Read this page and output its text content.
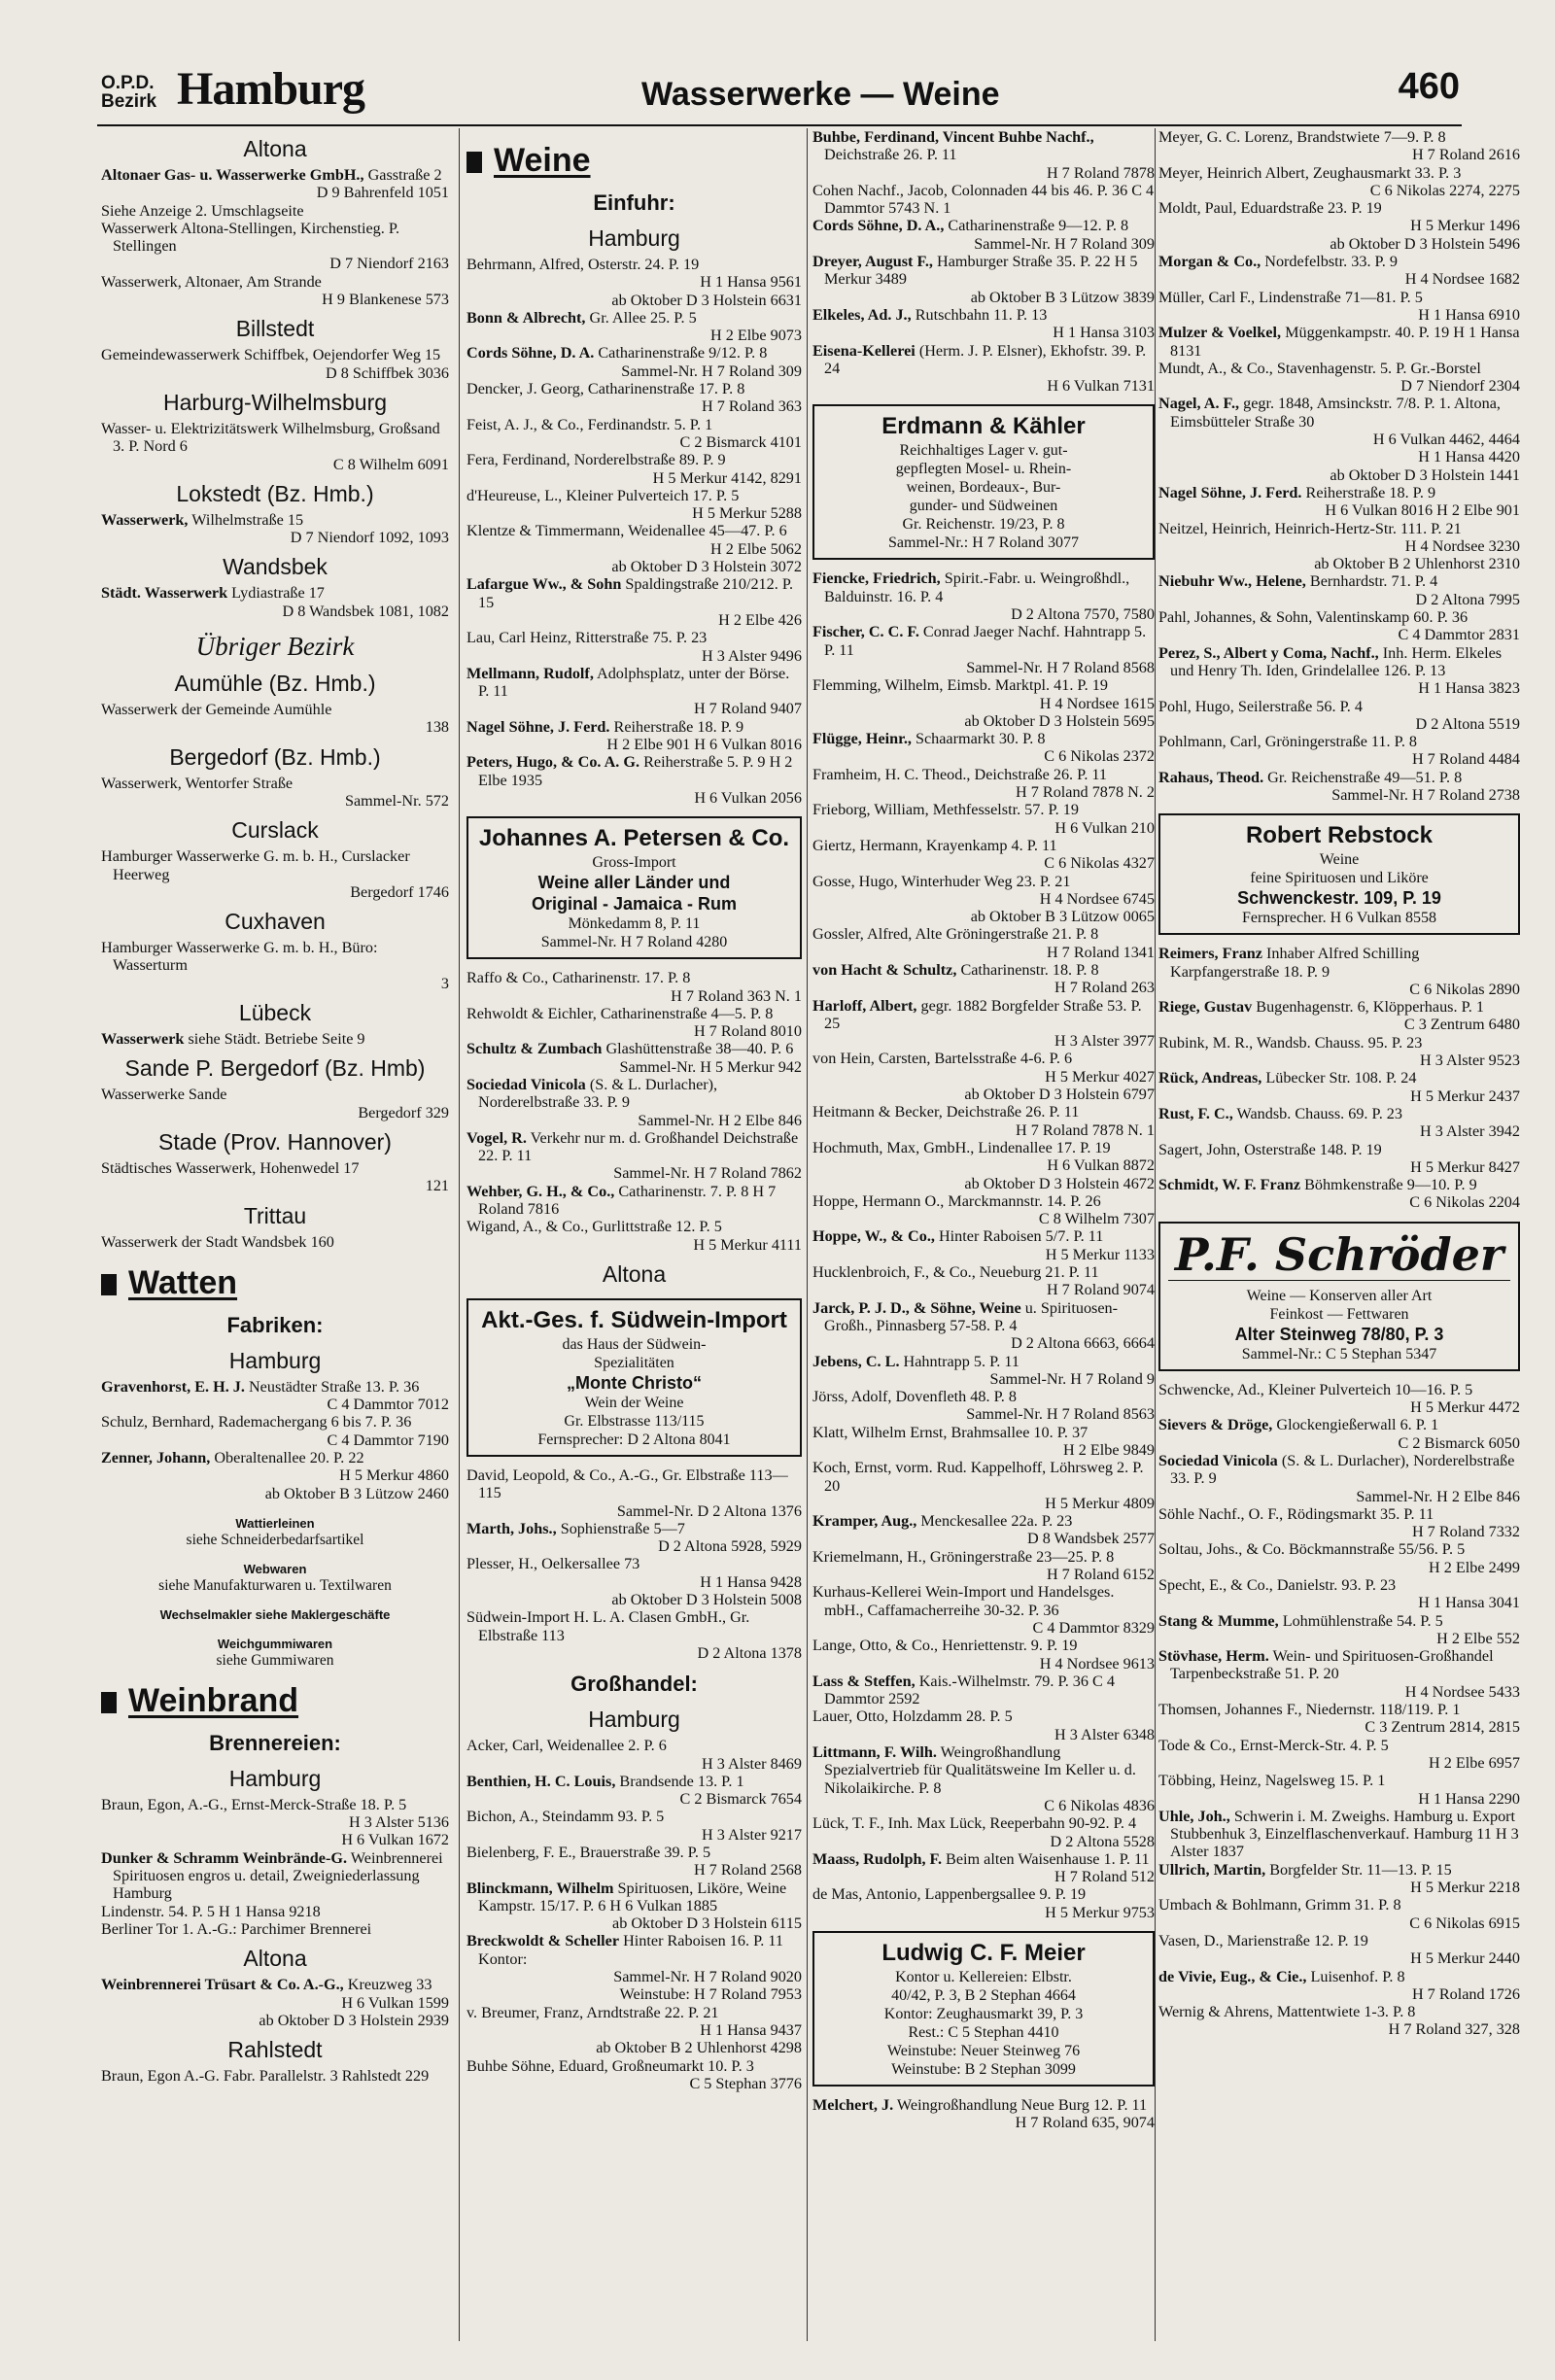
O.P.D.
Bezirk Hamburg	Wasserwerke — Weine	460
Altona

Altonaer Gas- u. Wasserwerke GmbH., Gasstraße 2

D 9 Bahrenfeld 1051

Siehe Anzeige 2. Umschlagseite

Wasserwerk Altona-Stellingen, Kirchenstieg. P. Stellingen

D 7 Niendorf 2163

Wasserwerk, Altonaer, Am Strande

H 9 Blankenese 573
Billstedt

Gemeindewasserwerk Schiffbek, Oejendorfer Weg 15

D 8 Schiffbek 3036
Harburg-Wilhelmsburg

Wasser- u. Elektrizitätswerk Wilhelmsburg, Großsand 3. P. Nord 6

C 8 Wilhelm 6091
Lokstedt (Bz. Hmb.)

Wasserwerk, Wilhelmstraße 15

D 7 Niendorf 1092, 1093
Wandsbek

Städt. Wasserwerk Lydiastraße 17

D 8 Wandsbek 1081, 1082
Übriger Bezirk
Aumühle (Bz. Hmb.)

Wasserwerk der Gemeinde Aumühle

138
Bergedorf (Bz. Hmb.)

Wasserwerk, Wentorfer Straße

Sammel-Nr. 572
Curslack

Hamburger Wasserwerke G. m. b. H., Curslacker Heerweg

Bergedorf 1746
Cuxhaven

Hamburger Wasserwerke G. m. b. H., Büro: Wasserturm

3
Lübeck

Wasserwerk siehe Städt. Betriebe Seite 9

Sande P. Bergedorf (Bz. Hmb)

Wasserwerke Sande

Bergedorf 329
Stade (Prov. Hannover)

Städtisches Wasserwerk, Hohenwedel 17

121
Trittau

Wasserwerk der Stadt Wandsbek 160

Watten
Fabriken:
Hamburg

Gravenhorst, E. H. J. Neustädter Straße 13. P. 36

C 4 Dammtor 7012

Schulz, Bernhard, Rademachergang 6 bis 7. P. 36

C 4 Dammtor 7190

Zenner, Johann, Oberaltenallee 20. P. 22

H 5 Merkur 4860
ab Oktober B 3 Lützow 2460
Wattierleinen
siehe Schneiderbedarfsartikel
Webwaren
siehe Manufakturwaren u. Textilwaren
Wechselmakler siehe Maklergeschäfte
Weichgummiwaren
siehe Gummiwaren
Weinbrand
Brennereien:
Hamburg

Braun, Egon, A.-G., Ernst-Merck-Straße 18. P. 5

H 3 Alster 5136
H 6 Vulkan 1672

Dunker & Schramm Weinbrände-G. Weinbrennerei Spirituosen engros u. detail, Zweigniederlassung Hamburg

Lindenstr. 54. P. 5 H 1 Hansa 9218

Berliner Tor 1. A.-G.: Parchimer Brennerei

Altona

Weinbrennerei Trüsart & Co. A.-G., Kreuzweg 33

H 6 Vulkan 1599
ab Oktober D 3 Holstein 2939
Rahlstedt

Braun, Egon A.-G. Fabr. Parallelstr. 3 Rahlstedt 229

Weine
Einfuhr:
Hamburg

Behrmann, Alfred, Osterstr. 24. P. 19

H 1 Hansa 9561
ab Oktober D 3 Holstein 6631

Bonn & Albrecht, Gr. Allee 25. P. 5

H 2 Elbe 9073

Cords Söhne, D. A. Catharinenstraße 9/12. P. 8

Sammel-Nr. H 7 Roland 309

Dencker, J. Georg, Catharinenstraße 17. P. 8

H 7 Roland 363

Feist, A. J., & Co., Ferdinandstr. 5. P. 1

C 2 Bismarck 4101

Fera, Ferdinand, Norderelbstraße 89. P. 9

H 5 Merkur 4142, 8291

d'Heureuse, L., Kleiner Pulverteich 17. P. 5

H 5 Merkur 5288

Klentze & Timmermann, Weidenallee 45—47. P. 6

H 2 Elbe 5062
ab Oktober D 3 Holstein 3072

Lafargue Ww., & Sohn Spaldingstraße 210/212. P. 15

H 2 Elbe 426

Lau, Carl Heinz, Ritterstraße 75. P. 23

H 3 Alster 9496

Mellmann, Rudolf, Adolphsplatz, unter der Börse. P. 11

H 7 Roland 9407

Nagel Söhne, J. Ferd. Reiherstraße 18. P. 9

H 2 Elbe 901 H 6 Vulkan 8016

Peters, Hugo, & Co. A. G. Reiherstraße 5. P. 9 H 2 Elbe 1935

H 6 Vulkan 2056
Johannes A. Petersen & Co.
Gross-Import
Weine aller Länder und
Original - Jamaica - Rum
Mönkedamm 8, P. 11
Sammel-Nr. H 7 Roland 4280

Raffo & Co., Catharinenstr. 17. P. 8

H 7 Roland 363 N. 1

Rehwoldt & Eichler, Catharinenstraße 4—5. P. 8

H 7 Roland 8010

Schultz & Zumbach Glashüttenstraße 38—40. P. 6

Sammel-Nr. H 5 Merkur 942

Sociedad Vinicola (S. & L. Durlacher), Norderelbstraße 33. P. 9

Sammel-Nr. H 2 Elbe 846

Vogel, R. Verkehr nur m. d. Großhandel Deichstraße 22. P. 11

Sammel-Nr. H 7 Roland 7862

Wehber, G. H., & Co., Catharinenstr. 7. P. 8 H 7 Roland 7816

Wigand, A., & Co., Gurlittstraße 12. P. 5

H 5 Merkur 4111
Altona
Akt.-Ges. f. Südwein-Import
das Haus der Südwein-
Spezialitäten
„Monte Christo“
Wein der Weine
Gr. Elbstrasse 113/115
Fernsprecher: D 2 Altona 8041

David, Leopold, & Co., A.-G., Gr. Elbstraße 113—115

Sammel-Nr. D 2 Altona 1376

Marth, Johs., Sophienstraße 5—7

D 2 Altona 5928, 5929

Plesser, H., Oelkersallee 73

H 1 Hansa 9428
ab Oktober D 3 Holstein 5008

Südwein-Import H. L. A. Clasen GmbH., Gr. Elbstraße 113

D 2 Altona 1378
Großhandel:
Hamburg

Acker, Carl, Weidenallee 2. P. 6

H 3 Alster 8469

Benthien, H. C. Louis, Brandsende 13. P. 1

C 2 Bismarck 7654

Bichon, A., Steindamm 93. P. 5

H 3 Alster 9217

Bielenberg, F. E., Brauerstraße 39. P. 5

H 7 Roland 2568

Blinckmann, Wilhelm Spirituosen, Liköre, Weine Kampstr. 15/17. P. 6 H 6 Vulkan 1885

ab Oktober D 3 Holstein 6115

Breckwoldt & Scheller Hinter Raboisen 16. P. 11 Kontor:

Sammel-Nr. H 7 Roland 9020
Weinstube: H 7 Roland 7953

v. Breumer, Franz, Arndtstraße 22. P. 21

H 1 Hansa 9437
ab Oktober B 2 Uhlenhorst 4298

Buhbe Söhne, Eduard, Großneumarkt 10. P. 3

C 5 Stephan 3776

Buhbe, Ferdinand, Vincent Buhbe Nachf., Deichstraße 26. P. 11

H 7 Roland 7878

Cohen Nachf., Jacob, Colonnaden 44 bis 46. P. 36 C 4 Dammtor 5743 N. 1

Cords Söhne, D. A., Catharinenstraße 9—12. P. 8

Sammel-Nr. H 7 Roland 309

Dreyer, August F., Hamburger Straße 35. P. 22 H 5 Merkur 3489

ab Oktober B 3 Lützow 3839

Elkeles, Ad. J., Rutschbahn 11. P. 13

H 1 Hansa 3103

Eisena-Kellerei (Herm. J. P. Elsner), Ekhofstr. 39. P. 24

H 6 Vulkan 7131
Erdmann & Kähler
Reichhaltiges Lager v. gut-
gepflegten Mosel- u. Rhein-
weinen, Bordeaux-, Bur-
gunder- und Südweinen
Gr. Reichenstr. 19/23, P. 8
Sammel-Nr.: H 7 Roland 3077

Fiencke, Friedrich, Spirit.-Fabr. u. Weingroßhdl., Balduinstr. 16. P. 4

D 2 Altona 7570, 7580

Fischer, C. C. F. Conrad Jaeger Nachf. Hahntrapp 5. P. 11

Sammel-Nr. H 7 Roland 8568

Flemming, Wilhelm, Eimsb. Marktpl. 41. P. 19

H 4 Nordsee 1615
ab Oktober D 3 Holstein 5695

Flügge, Heinr., Schaarmarkt 30. P. 8

C 6 Nikolas 2372

Framheim, H. C. Theod., Deichstraße 26. P. 11

H 7 Roland 7878 N. 2

Frieborg, William, Methfesselstr. 57. P. 19

H 6 Vulkan 210

Giertz, Hermann, Krayenkamp 4. P. 11

C 6 Nikolas 4327

Gosse, Hugo, Winterhuder Weg 23. P. 21

H 4 Nordsee 6745
ab Oktober B 3 Lützow 0065

Gossler, Alfred, Alte Gröningerstraße 21. P. 8

H 7 Roland 1341

von Hacht & Schultz, Catharinenstr. 18. P. 8

H 7 Roland 263

Harloff, Albert, gegr. 1882 Borgfelder Straße 53. P. 25

H 3 Alster 3977

von Hein, Carsten, Bartelsstraße 4-6. P. 6

H 5 Merkur 4027
ab Oktober D 3 Holstein 6797

Heitmann & Becker, Deichstraße 26. P. 11

H 7 Roland 7878 N. 1

Hochmuth, Max, GmbH., Lindenallee 17. P. 19

H 6 Vulkan 8872
ab Oktober D 3 Holstein 4672

Hoppe, Hermann O., Marckmannstr. 14. P. 26

C 8 Wilhelm 7307

Hoppe, W., & Co., Hinter Raboisen 5/7. P. 11

H 5 Merkur 1133

Hucklenbroich, F., & Co., Neueburg 21. P. 11

H 7 Roland 9074

Jarck, P. J. D., & Söhne, Weine u. Spirituosen-Großh., Pinnasberg 57-58. P. 4

D 2 Altona 6663, 6664

Jebens, C. L. Hahntrapp 5. P. 11

Sammel-Nr. H 7 Roland 9

Jörss, Adolf, Dovenfleth 48. P. 8

Sammel-Nr. H 7 Roland 8563

Klatt, Wilhelm Ernst, Brahmsallee 10. P. 37

H 2 Elbe 9849

Koch, Ernst, vorm. Rud. Kappelhoff, Löhrsweg 2. P. 20

H 5 Merkur 4809

Kramper, Aug., Menckesallee 22a. P. 23

D 8 Wandsbek 2577

Kriemelmann, H., Gröningerstraße 23—25. P. 8

H 7 Roland 6152

Kurhaus-Kellerei Wein-Import und Handelsges. mbH., Caffamacherreihe 30-32. P. 36

C 4 Dammtor 8329

Lange, Otto, & Co., Henriettenstr. 9. P. 19

H 4 Nordsee 9613

Lass & Steffen, Kais.-Wilhelmstr. 79. P. 36 C 4 Dammtor 2592

Lauer, Otto, Holzdamm 28. P. 5

H 3 Alster 6348

Littmann, F. Wilh. Weingroßhandlung Spezialvertrieb für Qualitätsweine Im Keller u. d. Nikolaikirche. P. 8

C 6 Nikolas 4836

Lück, T. F., Inh. Max Lück, Reeperbahn 90-92. P. 4

D 2 Altona 5528

Maass, Rudolph, F. Beim alten Waisenhause 1. P. 11

H 7 Roland 512

de Mas, Antonio, Lappenbergsallee 9. P. 19

H 5 Merkur 9753
Ludwig C. F. Meier
Kontor u. Kellereien: Elbstr.
40/42, P. 3, B 2 Stephan 4664
Kontor: Zeughausmarkt 39, P. 3
Rest.: C 5 Stephan 4410
Weinstube: Neuer Steinweg 76
Weinstube: B 2 Stephan 3099

Melchert, J. Weingroßhandlung Neue Burg 12. P. 11

H 7 Roland 635, 9074

Meyer, G. C. Lorenz, Brandstwiete 7—9. P. 8

H 7 Roland 2616

Meyer, Heinrich Albert, Zeughausmarkt 33. P. 3

C 6 Nikolas 2274, 2275

Moldt, Paul, Eduardstraße 23. P. 19

H 5 Merkur 1496
ab Oktober D 3 Holstein 5496

Morgan & Co., Nordefelbstr. 33. P. 9

H 4 Nordsee 1682

Müller, Carl F., Lindenstraße 71—81. P. 5

H 1 Hansa 6910

Mulzer & Voelkel, Müggenkampstr. 40. P. 19 H 1 Hansa 8131

Mundt, A., & Co., Stavenhagenstr. 5. P. Gr.-Borstel

D 7 Niendorf 2304

Nagel, A. F., gegr. 1848, Amsinckstr. 7/8. P. 1. Altona, Eimsbütteler Straße 30

H 6 Vulkan 4462, 4464
H 1 Hansa 4420
ab Oktober D 3 Holstein 1441

Nagel Söhne, J. Ferd. Reiherstraße 18. P. 9

H 6 Vulkan 8016 H 2 Elbe 901

Neitzel, Heinrich, Heinrich-Hertz-Str. 111. P. 21

H 4 Nordsee 3230
ab Oktober B 2 Uhlenhorst 2310

Niebuhr Ww., Helene, Bernhardstr. 71. P. 4

D 2 Altona 7995

Pahl, Johannes, & Sohn, Valentinskamp 60. P. 36

C 4 Dammtor 2831

Perez, S., Albert y Coma, Nachf., Inh. Herm. Elkeles und Henry Th. Iden, Grindelallee 126. P. 13

H 1 Hansa 3823

Pohl, Hugo, Seilerstraße 56. P. 4

D 2 Altona 5519

Pohlmann, Carl, Gröningerstraße 11. P. 8

H 7 Roland 4484

Rahaus, Theod. Gr. Reichenstraße 49—51. P. 8

Sammel-Nr. H 7 Roland 2738
Robert Rebstock
Weine
feine Spirituosen und Liköre
Schwenckestr. 109, P. 19
Fernsprecher. H 6 Vulkan 8558

Reimers, Franz Inhaber Alfred Schilling Karpfangerstraße 18. P. 9

C 6 Nikolas 2890

Riege, Gustav Bugenhagenstr. 6, Klöpperhaus. P. 1

C 3 Zentrum 6480

Rubink, M. R., Wandsb. Chauss. 95. P. 23

H 3 Alster 9523

Rück, Andreas, Lübecker Str. 108. P. 24

H 5 Merkur 2437

Rust, F. C., Wandsb. Chauss. 69. P. 23

H 3 Alster 3942

Sagert, John, Osterstraße 148. P. 19

H 5 Merkur 8427

Schmidt, W. F. Franz Böhmkenstraße 9—10. P. 9

C 6 Nikolas 2204
P.F. Schröder
Weine — Konserven aller Art
Feinkost — Fettwaren
Alter Steinweg 78/80, P. 3
Sammel-Nr.: C 5 Stephan 5347

Schwencke, Ad., Kleiner Pulverteich 10—16. P. 5

H 5 Merkur 4472

Sievers & Dröge, Glockengießerwall 6. P. 1

C 2 Bismarck 6050

Sociedad Vinicola (S. & L. Durlacher), Norderelbstraße 33. P. 9

Sammel-Nr. H 2 Elbe 846

Söhle Nachf., O. F., Rödingsmarkt 35. P. 11

H 7 Roland 7332

Soltau, Johs., & Co. Böckmannstraße 55/56. P. 5

H 2 Elbe 2499

Specht, E., & Co., Danielstr. 93. P. 23

H 1 Hansa 3041

Stang & Mumme, Lohmühlenstraße 54. P. 5

H 2 Elbe 552

Stövhase, Herm. Wein- und Spirituosen-Großhandel Tarpenbeckstraße 51. P. 20

H 4 Nordsee 5433

Thomsen, Johannes F., Niedernstr. 118/119. P. 1

C 3 Zentrum 2814, 2815

Tode & Co., Ernst-Merck-Str. 4. P. 5

H 2 Elbe 6957

Többing, Heinz, Nagelsweg 15. P. 1

H 1 Hansa 2290

Uhle, Joh., Schwerin i. M. Zweighs. Hamburg u. Export Stubbenhuk 3, Einzelflaschenverkauf. Hamburg 11 H 3 Alster 1837

Ullrich, Martin, Borgfelder Str. 11—13. P. 15

H 5 Merkur 2218

Umbach & Bohlmann, Grimm 31. P. 8

C 6 Nikolas 6915

Vasen, D., Marienstraße 12. P. 19

H 5 Merkur 2440

de Vivie, Eug., & Cie., Luisenhof. P. 8

H 7 Roland 1726

Wernig & Ahrens, Mattentwiete 1-3. P. 8

H 7 Roland 327, 328
